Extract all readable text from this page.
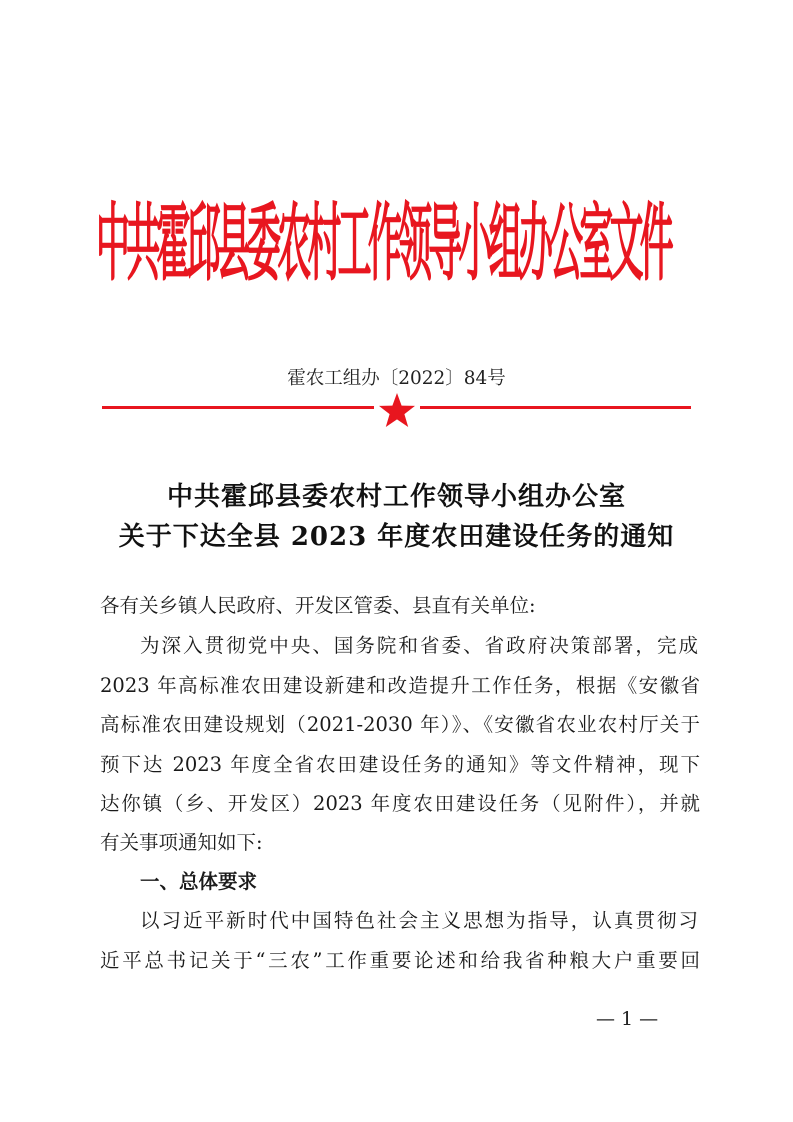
中共霍邱县委农村工作领导小组办公室文件
霍农工组办〔2022〕84号
中共霍邱县委农村工作领导小组办公室
关于下达全县 2023 年度农田建设任务的通知
各有关乡镇人民政府、开发区管委、县直有关单位:
为深入贯彻党中央、国务院和省委、省政府决策部署，完成
2023 年高标准农田建设新建和改造提升工作任务，根据《安徽省
高标准农田建设规划（2021-2030 年）》、《安徽省农业农村厅关于
预下达 2023 年度全省农田建设任务的通知》等文件精神，现下
达你镇（乡、开发区）2023 年度农田建设任务（见附件），并就
有关事项通知如下:
一、总体要求
以习近平新时代中国特色社会主义思想为指导，认真贯彻习
近平总书记关于“三农”工作重要论述和给我省种粮大户重要回
— 1 —
